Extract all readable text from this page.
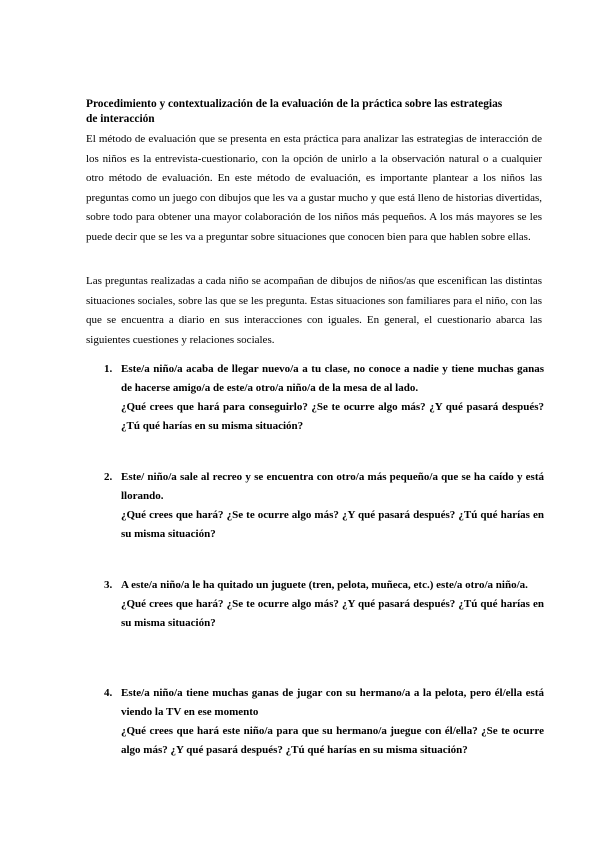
Procedimiento y contextualización de la evaluación de la práctica sobre las estrategias de interacción
El método de evaluación que se presenta en esta práctica para analizar las estrategias de interacción de los niños es la entrevista-cuestionario, con la opción de unirlo a la observación natural o a cualquier otro método de evaluación. En este método de evaluación, es importante plantear a los niños las preguntas como un juego con dibujos que les va a gustar mucho y que está lleno de historias divertidas, sobre todo para obtener una mayor colaboración de los niños más pequeños. A los más mayores se les puede decir que se les va a preguntar sobre situaciones que conocen bien para que hablen sobre ellas.
Las preguntas realizadas a cada niño se acompañan de dibujos de niños/as que escenifican las distintas situaciones sociales, sobre las que se les pregunta. Estas situaciones son familiares para el niño, con las que se encuentra a diario en sus interacciones con iguales. En general, el cuestionario abarca las siguientes cuestiones y relaciones sociales.
1. Este/a niño/a acaba de llegar nuevo/a a tu clase, no conoce a nadie y tiene muchas ganas de hacerse amigo/a de este/a otro/a niño/a de la mesa de al lado.
¿Qué crees que hará para conseguirlo? ¿Se te ocurre algo más? ¿Y qué pasará después? ¿Tú qué harías en su misma situación?
2. Este/ niño/a sale al recreo y se encuentra con otro/a más pequeño/a que se ha caído y está llorando.
¿Qué crees que hará? ¿Se te ocurre algo más? ¿Y qué pasará después? ¿Tú qué harías en su misma situación?
3. A este/a niño/a le ha quitado un juguete (tren, pelota, muñeca, etc.) este/a otro/a niño/a.
¿Qué crees que hará? ¿Se te ocurre algo más? ¿Y qué pasará después? ¿Tú qué harías en su misma situación?
4. Este/a niño/a tiene muchas ganas de jugar con su hermano/a a la pelota, pero él/ella está viendo la TV en ese momento
¿Qué crees que hará este niño/a para que su hermano/a juegue con él/ella? ¿Se te ocurre algo más? ¿Y qué pasará después? ¿Tú qué harías en su misma situación?
